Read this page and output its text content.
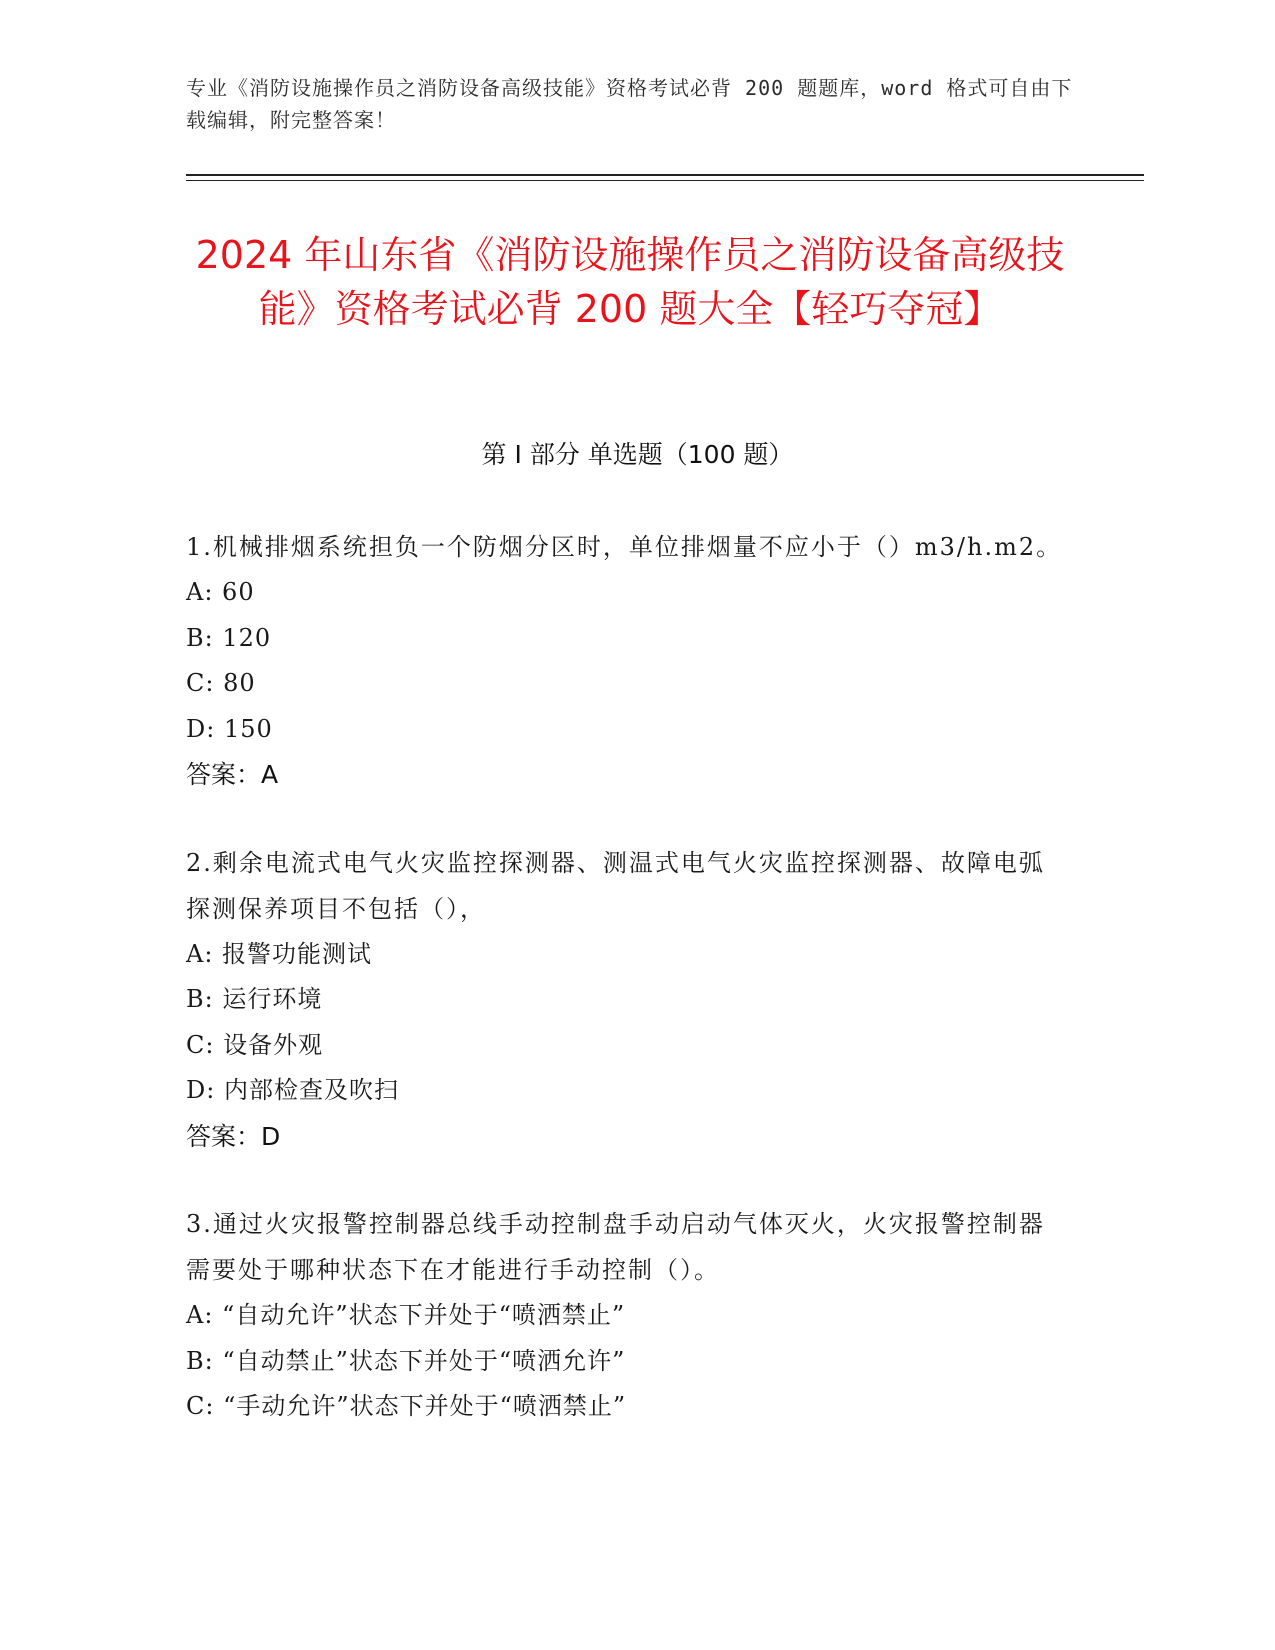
专业《消防设施操作员之消防设备高级技能》资格考试必背 200 题题库，word 格式可自由下载编辑，附完整答案！
2024 年山东省《消防设施操作员之消防设备高级技能》资格考试必背 200 题大全【轻巧夺冠】
第 I 部分 单选题（100 题）
1.机械排烟系统担负一个防烟分区时，单位排烟量不应小于（）m3/h.m2。
A: 60
B: 120
C: 80
D: 150
答案：A
2.剩余电流式电气火灾监控探测器、测温式电气火灾监控探测器、故障电弧探测保养项目不包括（），
A: 报警功能测试
B: 运行环境
C: 设备外观
D: 内部检查及吹扫
答案：D
3.通过火灾报警控制器总线手动控制盘手动启动气体灭火，火灾报警控制器需要处于哪种状态下在才能进行手动控制（）。
A: “自动允许”状态下并处于“喷洒禁止”
B: “自动禁止”状态下并处于“喷洒允许”
C: “手动允许”状态下并处于“喷洒禁止”
